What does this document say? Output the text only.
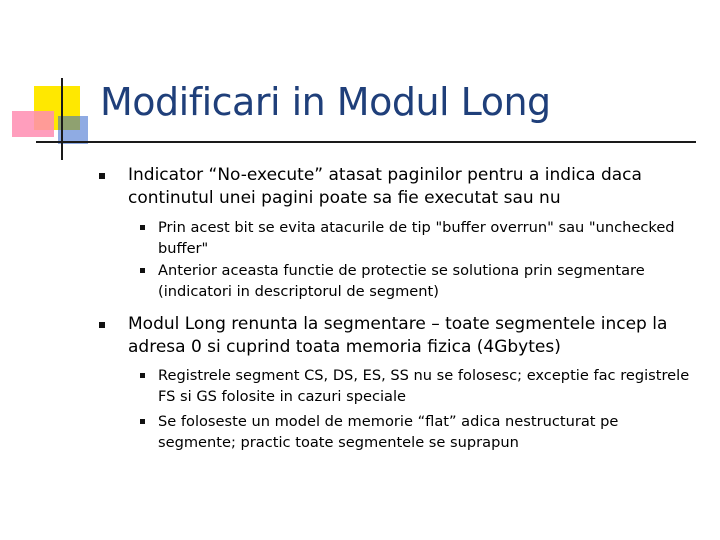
Modificari in Modul Long
Indicator “No-execute” atasat paginilor pentru a indica daca continutul unei pagini poate sa ﬁe executat sau nu
Prin acest bit se evita atacurile de tip "buffer overrun" sau "unchecked buffer"
Anterior aceasta functie de protectie se solutiona prin segmentare (indicatori in descriptorul de segment)
Modul Long renunta la segmentare – toate segmentele incep la adresa 0 si cuprind toata memoria ﬁzica (4Gbytes)
Registrele segment CS, DS, ES, SS nu se folosesc; exceptie fac registrele FS si GS folosite in cazuri speciale
Se foloseste un model de memorie “flat” adica nestructurat pe segmente; practic toate segmentele se suprapun
